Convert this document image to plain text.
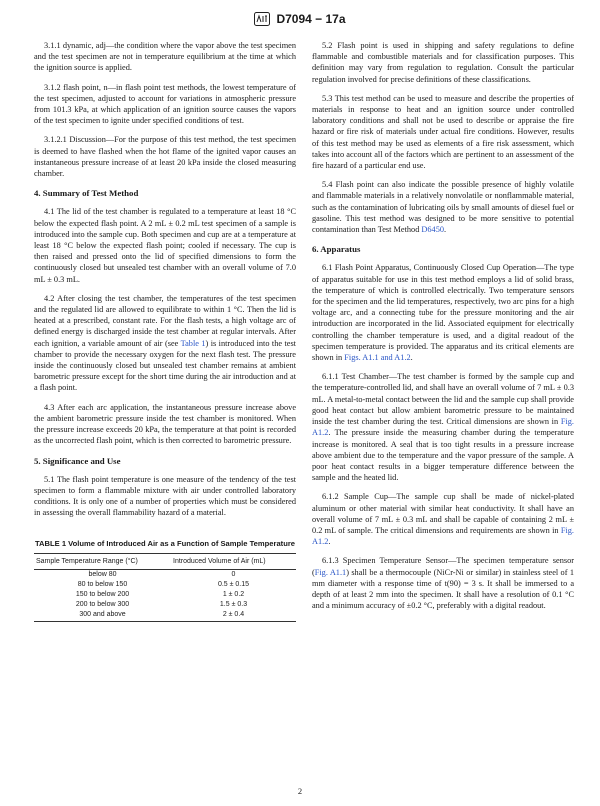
D7094 − 17a

3.1.1 dynamic, adj—the condition where the vapor above the test specimen and the test specimen are not in temperature equilibrium at the time at which the ignition source is applied.

3.1.2 flash point, n—in flash point test methods, the lowest temperature of the test specimen, adjusted to account for variations in atmospheric pressure from 101.3 kPa, at which application of an ignition source causes the vapors of the test specimen to ignite under specified conditions of test.

3.1.2.1 Discussion—For the purpose of this test method, the test specimen is deemed to have flashed when the hot flame of the ignited vapor causes an instantaneous pressure increase of at least 20 kPa inside the closed measuring chamber.

4. Summary of Test Method

4.1 The lid of the test chamber is regulated to a temperature at least 18 °C below the expected flash point. A 2 mL ± 0.2 mL test specimen of a sample is introduced into the sample cup. Both specimen and cup are at a temperature at least 18 °C below the expected flash point; cooled if necessary. The cup is then raised and pressed onto the lid of specified dimensions to form the continuously closed but unsealed test chamber with an overall volume of 7.0 mL ± 0.3 mL.

4.2 After closing the test chamber, the temperatures of the test specimen and the regulated lid are allowed to equilibrate to within 1 °C. Then the lid is heated at a prescribed, constant rate. For the flash tests, a high voltage arc of defined energy is discharged inside the test chamber at regular intervals. After each ignition, a variable amount of air (see Table 1) is introduced into the test chamber to provide the necessary oxygen for the next flash test. The pressure inside the continuously closed but unsealed test chamber remains at ambient barometric pressure except for the short time during the air introduction and at a flash point.

4.3 After each arc application, the instantaneous pressure increase above the ambient barometric pressure inside the test chamber is monitored. When the pressure increase exceeds 20 kPa, the temperature at that point is recorded as the uncorrected flash point, which is then corrected to barometric pressure.

5. Significance and Use

5.1 The flash point temperature is one measure of the tendency of the test specimen to form a flammable mixture with air under controlled laboratory conditions. It is only one of a number of properties which must be considered in assessing the overall flammability hazard of a material.

TABLE 1 Volume of Introduced Air as a Function of Sample Temperature
Sample Temperature Range (°C)	Introduced Volume of Air (mL)
below 80	0
80 to below 150	0.5 ± 0.15
150 to below 200	1 ± 0.2
200 to below 300	1.5 ± 0.3
300 and above	2 ± 0.4

5.2 Flash point is used in shipping and safety regulations to define flammable and combustible materials and for classification purposes. This definition may vary from regulation to regulation. Consult the particular regulation involved for precise definitions of these classifications.

5.3 This test method can be used to measure and describe the properties of materials in response to heat and an ignition source under controlled laboratory conditions and shall not be used to describe or appraise the fire hazard or fire risk of materials under actual fire conditions. However, results of this test method may be used as elements of a fire risk assessment, which takes into account all of the factors which are pertinent to an assessment of the fire hazard of a particular end use.

5.4 Flash point can also indicate the possible presence of highly volatile and flammable materials in a relatively nonvolatile or nonflammable material, such as the contamination of lubricating oils by small amounts of diesel fuel or gasoline. This test method was designed to be more sensitive to potential contamination than Test Method D6450.

6. Apparatus

6.1 Flash Point Apparatus, Continuously Closed Cup Operation—The type of apparatus suitable for use in this test method employs a lid of solid brass, the temperature of which is controlled electrically. Two temperature sensors for the specimen and the lid temperatures, respectively, two arc pins for a high voltage arc, and a connecting tube for the pressure monitoring and the air introduction are incorporated in the lid. Associated equipment for electrically controlling the chamber temperature is used, and a digital readout of the specimen temperature is provided. The apparatus and its critical elements are shown in Figs. A1.1 and A1.2.

6.1.1 Test Chamber—The test chamber is formed by the sample cup and the temperature-controlled lid, and shall have an overall volume of 7 mL ± 0.3 mL. A metal-to-metal contact between the lid and the sample cup shall provide good heat contact but allow ambient barometric pressure to be maintained inside the test chamber during the test. Critical dimensions are shown in Fig. A1.2. The pressure inside the measuring chamber during the temperature increase is monitored. A seal that is too tight results in a pressure increase above ambient due to the temperature and the vapor pressure of the sample. A poor heat contact results in a bigger temperature difference between the sample and the heated lid.

6.1.2 Sample Cup—The sample cup shall be made of nickel-plated aluminum or other material with similar heat conductivity. It shall have an overall volume of 7 mL ± 0.3 mL and shall be capable of containing 2 mL ± 0.2 mL of sample. The critical dimensions and requirements are shown in Fig. A1.2.

6.1.3 Specimen Temperature Sensor—The specimen temperature sensor (Fig. A1.1) shall be a thermocouple (NiCr-Ni or similar) in stainless steel of 1 mm diameter with a response time of t(90) = 3 s. It shall be immersed to a depth of at least 2 mm into the specimen. It shall have a resolution of 0.1 °C and a minimum accuracy of ±0.2 °C, preferably with a digital readout.

2
